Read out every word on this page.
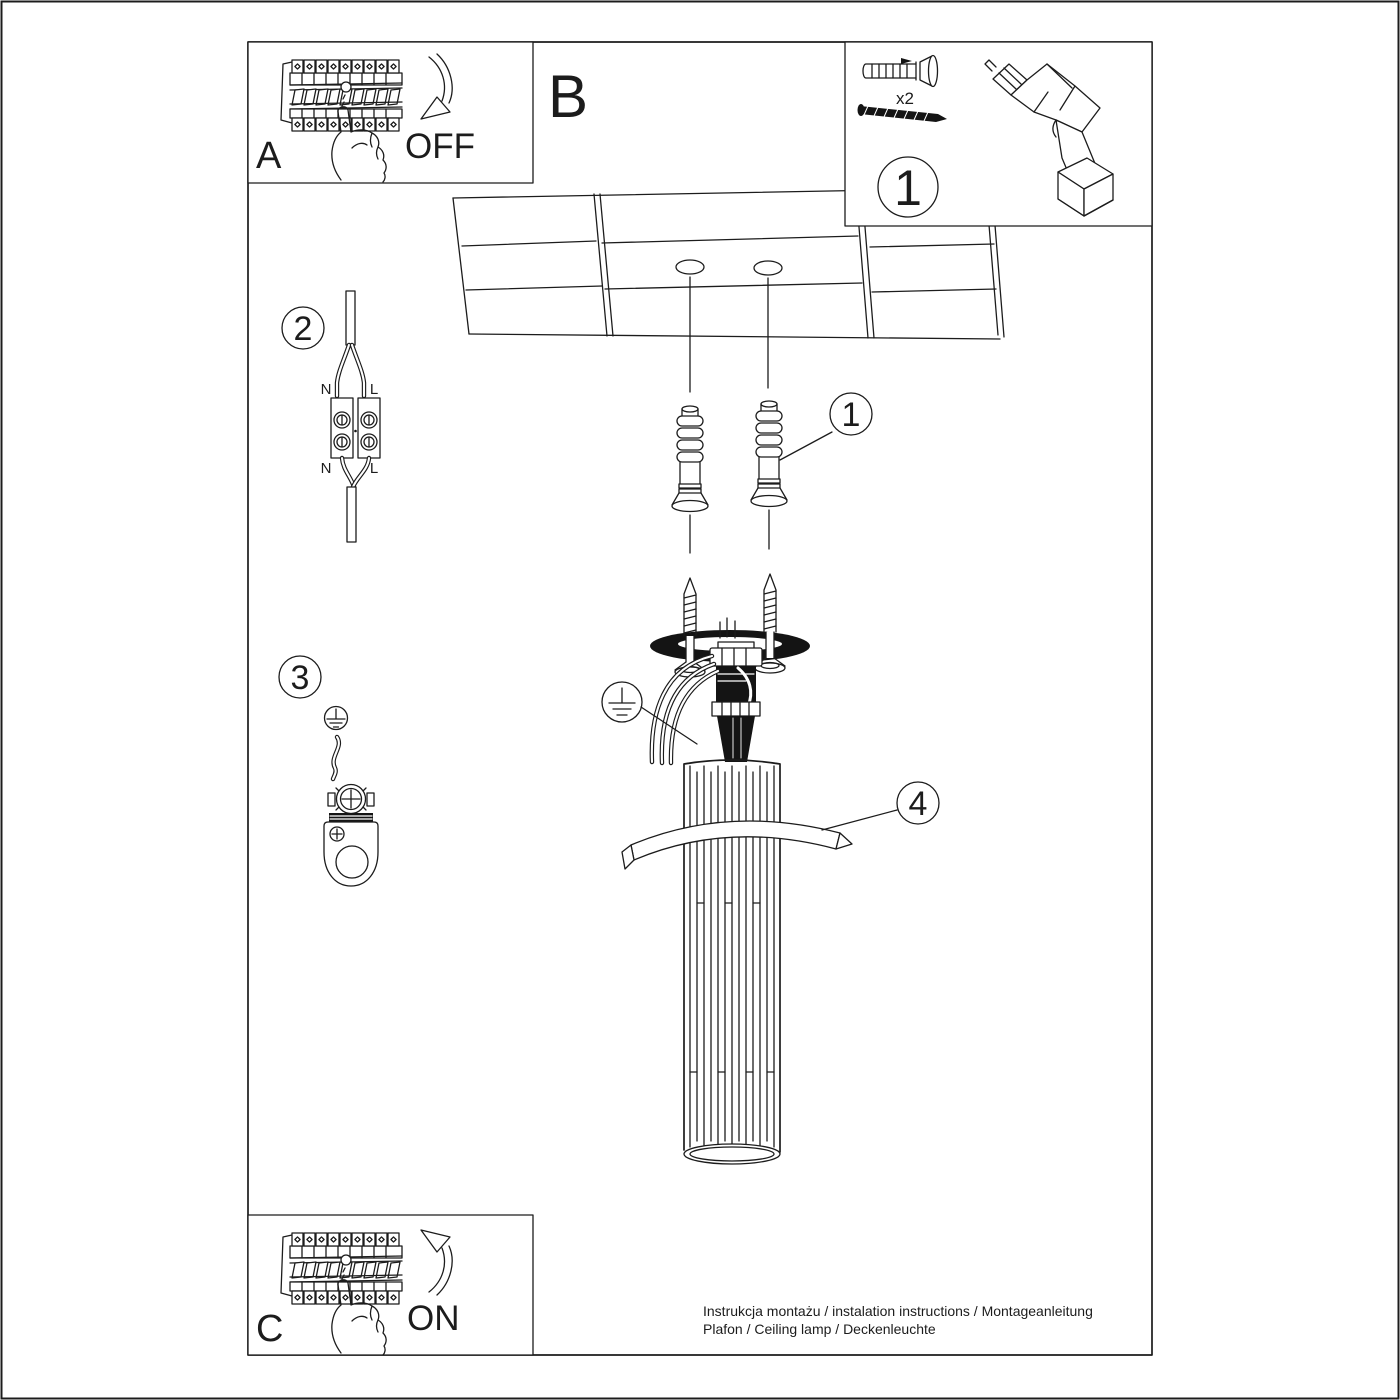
1
4
2
N	L
N	L
3
A	OFF
x2
1
B
C	ON	Instrukcja montażu / instalation instructions / Montageanleitung
Plafon / Ceiling lamp / Deckenleuchte
